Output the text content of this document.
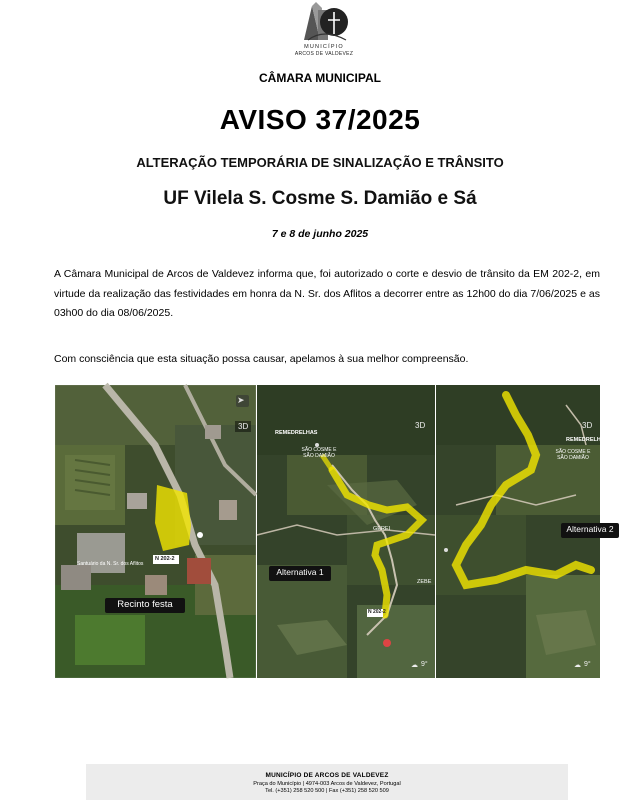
MUNICÍPIO
ARCOS DE VALDEVEZ
CÂMARA MUNICIPAL
AVISO 37/2025
ALTERAÇÃO TEMPORÁRIA DE SINALIZAÇÃO E TRÂNSITO
UF Vilela S. Cosme S. Damião e Sá
7 e 8 de junho 2025
A Câmara Municipal de Arcos de Valdevez informa que, foi autorizado o corte e desvio de trânsito da EM 202-2, em virtude da realização das festividades em honra da N. Sr. dos Aflitos a decorrer entre as 12h00 do dia 7/06/2025 e as 03h00 do dia 08/06/2025.
Com consciência que esta situação possa causar, apelamos à sua melhor compreensão.
➤
3D
N 202-2
Santuário da N. Sr. dos Aflitos
Recinto festa
REMEDRELHAS
SÃO COSME E SÃO DAMIÃO
GEREI
ZEBE
3D
Alternativa 1
N 202-2
☁ 9°
REMEDRELHAS
SÃO COSME E SÃO DAMIÃO
3D
Alternativa 2
☁ 9°
MUNICÍPIO DE ARCOS DE VALDEVEZ
Praça do Município | 4974-003 Arcos de Valdevez, Portugal
Tel. (+351) 258 520 500 | Fax (+351) 258 520 509
